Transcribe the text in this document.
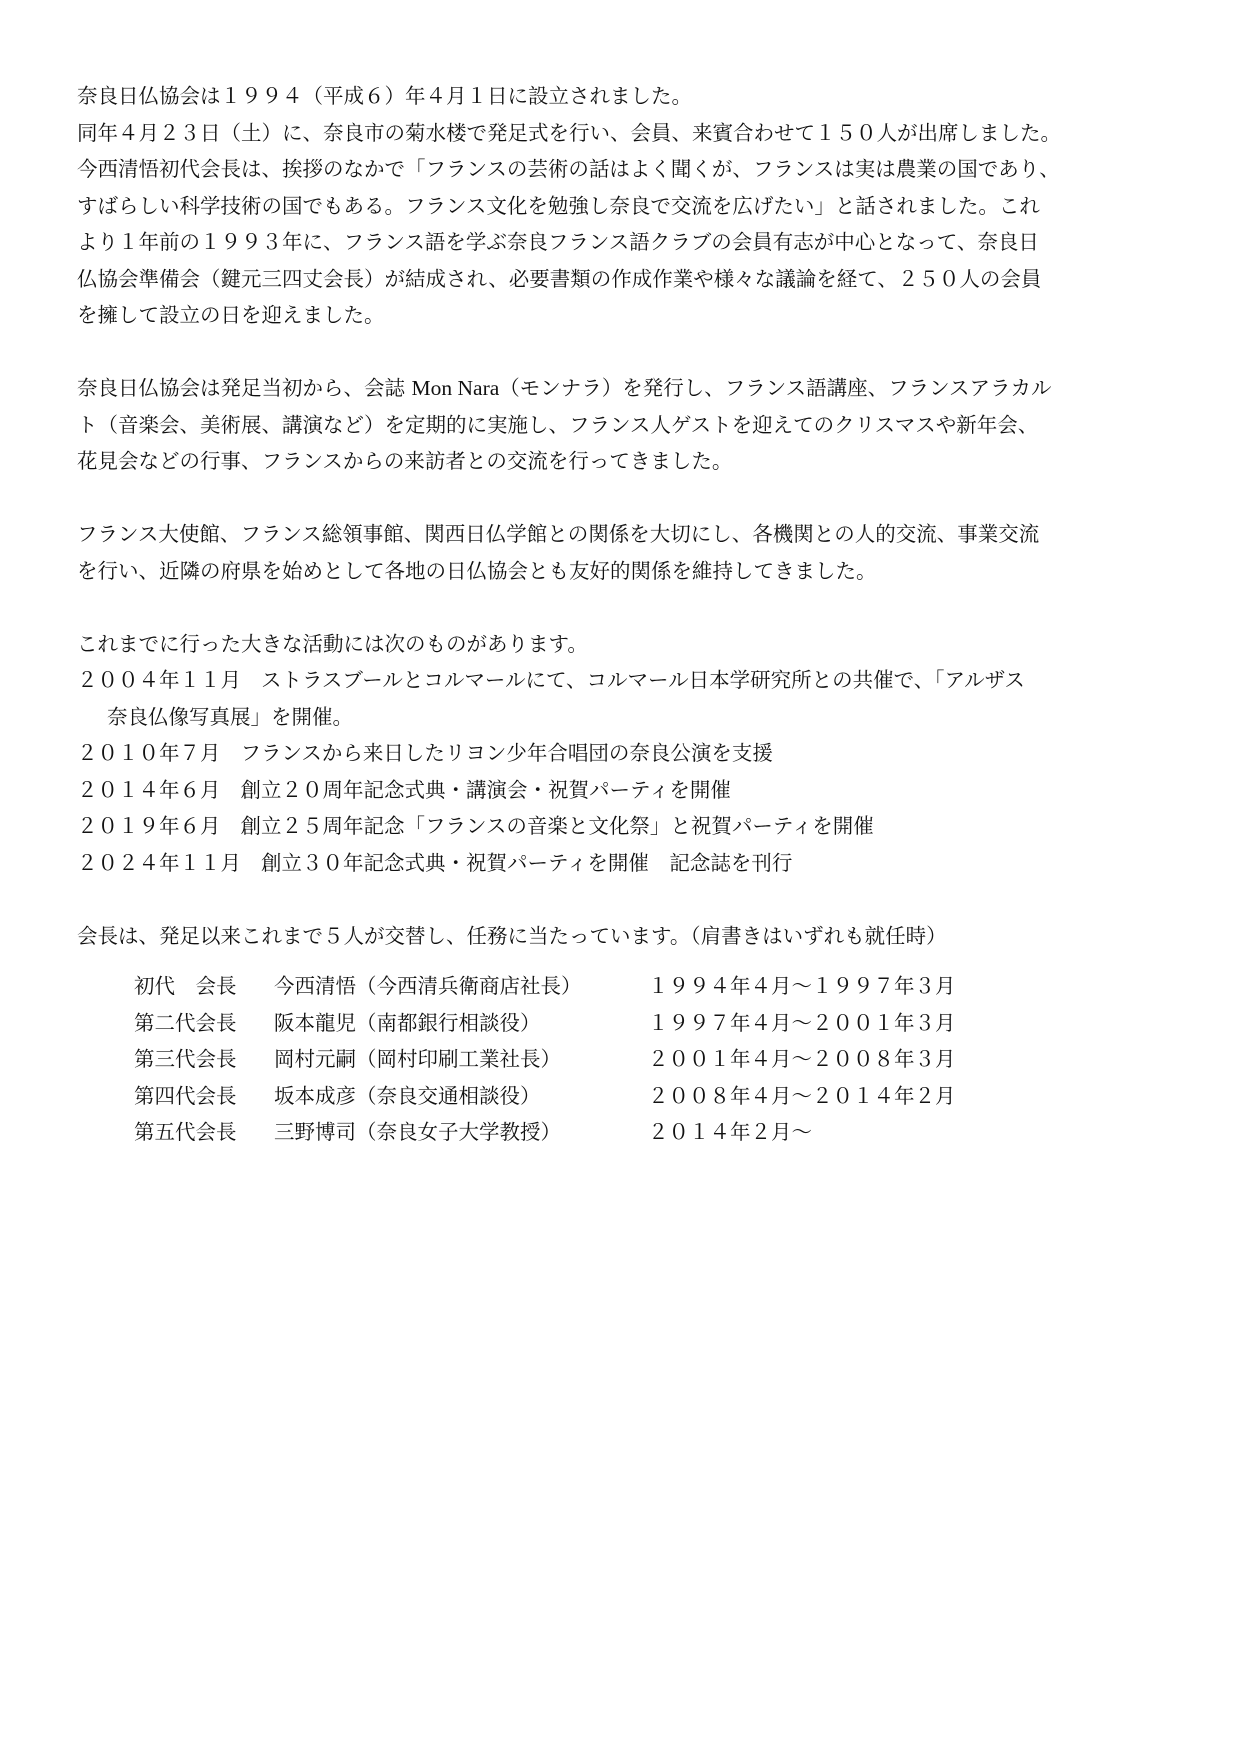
奈良日仏協会は１９９４（平成６）年４月１日に設立されました。
同年４月２３日（土）に、奈良市の菊水楼で発足式を行い、会員、来賓合わせて１５０人が出席しました。
今西清悟初代会長は、挨拶のなかで「フランスの芸術の話はよく聞くが、フランスは実は農業の国であり、
すばらしい科学技術の国でもある。フランス文化を勉強し奈良で交流を広げたい」と話されました。これ
より１年前の１９９３年に、フランス語を学ぶ奈良フランス語クラブの会員有志が中心となって、奈良日
仏協会準備会（鍵元三四丈会長）が結成され、必要書類の作成作業や様々な議論を経て、２５０人の会員
を擁して設立の日を迎えました。

奈良日仏協会は発足当初から、会誌 Mon Nara（モンナラ）を発行し、フランス語講座、フランスアラカル
ト（音楽会、美術展、講演など）を定期的に実施し、フランス人ゲストを迎えてのクリスマスや新年会、
花見会などの行事、フランスからの来訪者との交流を行ってきました。

フランス大使館、フランス総領事館、関西日仏学館との関係を大切にし、各機関との人的交流、事業交流
を行い、近隣の府県を始めとして各地の日仏協会とも友好的関係を維持してきました。

これまでに行った大きな活動には次のものがあります。
２００４年１１月 ストラスブールとコルマールにて、コルマール日本学研究所との共催で、「アルザス
奈良仏像写真展」を開催。
２０１０年７月 フランスから来日したリヨン少年合唱団の奈良公演を支援
２０１４年６月 創立２０周年記念式典・講演会・祝賀パーティを開催
２０１９年６月 創立２５周年記念「フランスの音楽と文化祭」と祝賀パーティを開催
２０２４年１１月 創立３０年記念式典・祝賀パーティを開催　記念誌を刊行

会長は、発足以来これまで５人が交替し、任務に当たっています。（肩書きはいずれも就任時）

初代　会長 今西清悟（今西清兵衛商店社長）	１９９４年４月～１９９７年３月
第二代会長 阪本龍児（南都銀行相談役）	１９９７年４月～２００１年３月
第三代会長 岡村元嗣（岡村印刷工業社長）	２００１年４月～２００８年３月
第四代会長 坂本成彦（奈良交通相談役）	２００８年４月～２０１４年２月
第五代会長 三野博司（奈良女子大学教授）	２０１４年２月～
